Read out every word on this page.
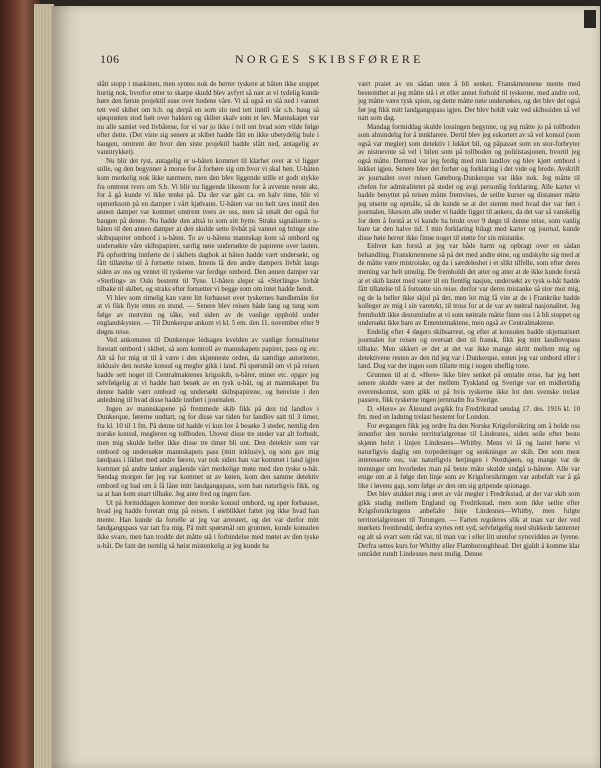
106	NORGES SKIBSFØRERE

slått stopp i maskinen, men syntes nok de herrer tyskere at båten ikke stoppet hurtig nok, hvorfor etter to skarpe skudd blev avfyrt så nær at vi tydelig kunde høre den første projektil suse over hodene våre. Vi så også en slå ned i vannet tett ved skibet om b.b. og derpå en som slo ned tett inntil vår s.b. baug så sjøsprøiten stod høit over bakken og skibet skalv som et løv. Mannskapet var nu alle samlet ved livbåtene, for vi var jo ikke i tvil om hvad som vilde følge efter dette. (Det viste sig senere at skibet hadde fått en ikke ubetydelig bule i baugen, omtrent der hvor den siste projektil hadde slått ned, antagelig av vanntrykket).

Nu blir det tyst, antagelig er u-båten kommet til klarhet over at vi ligger stille, og den begynner å morse for å forhøre sig om hvor vi skal hen. U-båten kom merkelig nok ikke nærmere, men den blev liggende stille et godt stykke fra omtrent tvers om S.b. Vi blir nu liggende likesom for å avvente neste akt, for å gå kunde vi ikke tenke på. Da der var gått ca. en halv time, blir vi opmerksom på en damper i vårt kjølvann. U-båten var nu helt tavs inntil den annen damper var kommet omtrent tvers av oss, men så smalt det også for baugen på denne. Nu hadde den altså to som sitt bytte. Straks signaliserte u-båten til den annen damper at den skulde sette livbåt på vannet og bringe sine skibspapirer ombord i u-båten. To av u-båtens mannskap kom så ombord og undersøkte våre skibspapirer, særlig nøie undersøkte de papirene over lasten. På opfordring innførte de i skibets dagbok at båten hadde vært undersøkt, og fått tillatelse til å fortsette reisen. Imens lå den andre dampers livbåt langs siden av oss og ventet til tyskerne var ferdige ombord. Den annen damper var «Sterling» av Oslo bestemt til Tyne. U-båten sleper så «Sterlings» livbåt tilbake til skibet, og straks efter fortsetter vi begge som om intet hadde hendt.

Vi blev som rimelig kan være litt forbauset over tyskernes handlemåte for at vi fikk flyte ennu en stund. — Senere blev reisen både lang og tung som følge av motvinn og tåke, ved siden av de vanlige opphold under englandskysten. — Til Dunkerque ankom vi kl. 5 em. den 11. november efter 9 døgns reise.

Ved ankomsten til Dunkerque ledsages kvelden av vanlige formaliteter foretatt ombord i skibet, så som kontroll av mannskapets papirer, pass og etc. Alt så for mig ut til å være i den skjønneste orden, da samtlige autoriteter, inklusiv den norske konsul og megler gikk i land. På spørsmål om vi på reisen hadde sett noget til Centralmaktenes krigsskib, u-båter, miner etc. opgav jeg selvfølgelig at vi hadde hatt besøk av en tysk u-båt, og at mannskapet fra denne hadde vært ombord og undersøkt skibspapirene, og henviste i den anledning til hvad disse hadde innført i journalen.

Ingen av mannskapene på fremmede skib fikk på den tid landlov i Dunkerque, førerne undtatt, og for disse var tiden for landlov satt til 3 timer, fra kl. 10 til 1 fm. På denne tid hadde vi kun lov å besøke 3 steder, nemlig den norske konsul, megleren og tollboden. Utover disse tre steder var alt forbudt, men mig skulde heller ikke disse tre timer bli unt. Den detektiv som var ombord og undersøkte mannskapets pass (mitt inklusiv), og som gav mig landpass i likhet med andre førere, var nok siden han var kommet i land igjen kommet på andre tanker angående vårt merkelige møte med den tyske u-båt. Søndag morgen før jeg var kommet ut av køien, kom den samme detektiv ombord og bad om å få låne mitt landgangspass, som han naturligvis fikk, og sa at han kom snart tilbake. Jeg ante fred og ingen fare.

Ut på formiddagen kommer den norske konsul ombord, og spør forbauset, hvad jeg hadde foretatt mig på reisen. I øieblikket fattet jeg ikke hvad han mente. Han kunde da fortelle at jeg var arrestert, og det var derfor mitt landgangspass var tatt fra mig. På mitt spørsmål om grunnen, kunde konsulen ikke svare, men han trodde det måtte stå i forbindelse med møtet av den tyske u-båt. De fant det nemlig så høist mistenkelig at jeg kunde ha

vært praiet av en sådan uten å bli senket. Franskmennene mente med bestemthet at jeg måtte stå i et eller annet forhold til tyskerne, med andre ord, jeg måtte være tysk spion, og dette måtte nøie undersøkes, og det blev det også før jeg fikk mitt landgangspass igjen. Der blev holdt vakt ved skibssiden så vel natt som dag.

Mandag formiddag skulde lossingen begynne, og jeg måtte jo på tollboden som almindelig for å innklarere. Dertil blev jeg eskortert av så vel konsul (som også var megler) som detektiv i lukket bil, og påpasset som en stor-forbryter av nistnevnte så vel i bilen som på tollboden og politistasjonen, hvortil jeg også måtte. Dermed var jeg ferdig med min landlov og blev kjørt ombord i lukket igjen. Senere blev det forhør og forklaring i det vide og brede. Avskrift av journalen over reisen Gøteborg-Dunkerque var ikke nok. Jeg måtte til chefen for admiralitetet på stedet og avgi personlig forklaring. Alle karter vi hadde benyttet på reisen måtte fremvises, de seilte kurser og distanser måtte jeg utsette og opmåle, så de kunde se at det stemte med hvad der var ført i journalen, likesom alle steder vi hadde ligget til ankers, da det var så vanskelig for dem å forstå at vi kunde ha brukt over 9 døgn til denne reise, som vanlig bare tar den halve tid. I min forklaring bilagt med karter og journal, kunde disse høie herrer ikke finne noget til støtte for sin mistanke.

Enhver kan forstå at jeg var både harm og opbragt over en sådan behandling. Franskmennene så på det med andre øine, og undskylte sig med at de måtte være mistroiske, og da i særdeleshet i et slikt tilfelle, som efter deres mening var helt umulig. De fremholdt det atter og atter at de ikke kunde forstå at et skib lastet med varer til en fientlig nasjon, undersøkt av tysk u-båt hadde fått tillatelse til å fortsette sin reise. derfor var deres mistanke så stor mot mig, og de la heller ikke skjul på det, men lot mig få vite at de i Frankrike hadde kolleger av mig i sin varetekt, til tross for at de var av nøitral nasjonalitet. Jeg fremholdt ikke destomindre at vi som nøitrale måtte finne oss i å bli stoppet og undersøkt ikke bare av Ententemaktene, men også av Centralmaktene.

Endelig efter 4 døgers skibsarrest, og efter at konsulen hadde skjematisert journalen for reisen og oversatt den til fransk, fikk jeg mitt landlovspass tilbake. Men sikkert er det at det var ikke mange skritt mellem mig og detektivene resten av den tid jeg var i Dunkerque, enten jeg var ombord eller i land. Dog var der ingen som tillatte mig i nogen uheflig tone.

Grunnen til at d. «Here» ikke blev senket på omtalte reise, har jeg hørt senere skulde være at der mellem Tyskland og Sverige var en midlertidig overenskomst, som gikk ut på hvis tyskerne ikke lot den svenske trelast passere, fikk tyskerne ingen jernmalm fra Sverige.

D. «Here» av Ålesund avgikk fra Fredrikstad søndag 17. des. 1916 kl. 10 fm. med en ladning trelast bestemt for London.

For øvgangen fikk jeg ordre fra den Norske Krigsforsikring om å holde oss innenfor den norske territorialgrense til Lindesnes, siden seile efter beste skjønn helst i linjen Lindesnes—Whitby. Mens vi lå og lastet hørte vi naturligvis daglig om torpederinger og senkninger av skib. Det som mest interesserte oss, var naturligvis herjingen i Nordsjøen, og mange var de meninger om hvorledes man på beste måte skulde undgå u-båtene. Alle var enige om at å følge den linje som av Krigsforsikringen var anbefalt var å gå like i løvens gap, som følge av den om sig gripende spionage.

Det blev stukket mig i øret av vår megler i Fredrikstad, at der var skib som gikk stadig mellem England og Fredrikstad, men som ikke seilte efter Krigsforsikringens anbefalte linje Lindesnes—Whitby, men fulgte territorialgrensen til Torungen. — Farten reguleres slik at man var der ved mørkets frembrudd, derfra styrtes rett syd, selvfølgelig med slukkede lanterner og alt så svart som råd var, til man var i eller litt utenfor synsvidden av fyrene. Derfra settes kurs for Whitby eller Flamboroughhead. Det gjaldt å komme klar området rundt Lindesnes mest mulig. Denne
